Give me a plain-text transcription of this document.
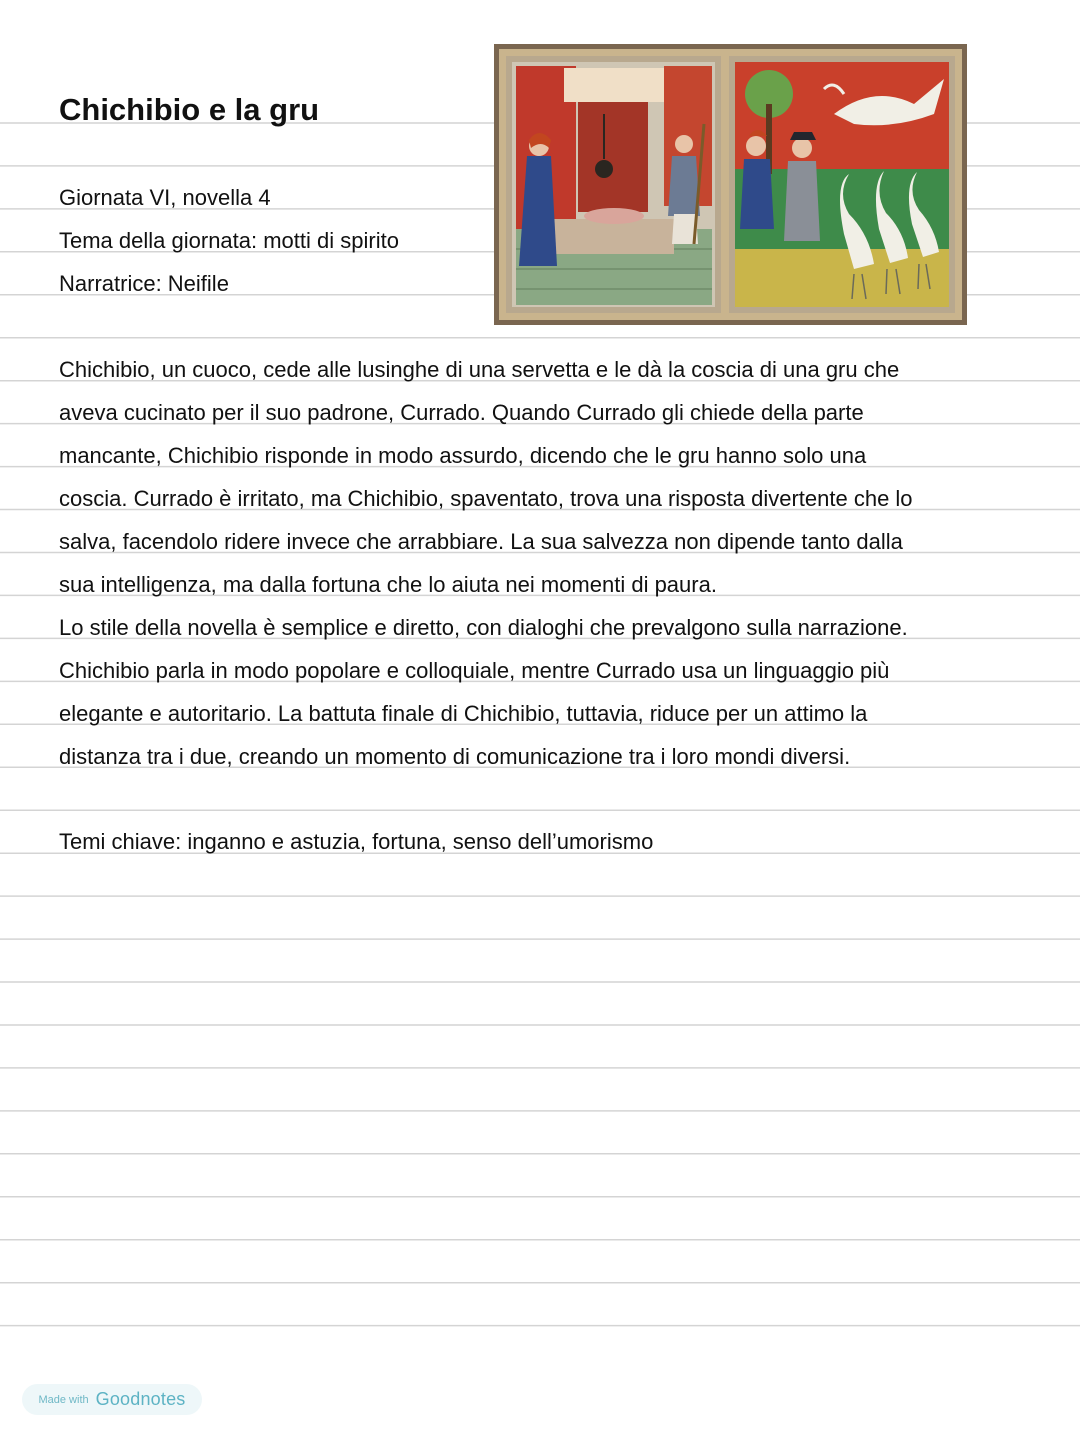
Chichibio e la gru

Giornata VI, novella 4

Tema della giornata: motti di spirito

Narratrice: Neifile

Chichibio, un cuoco, cede alle lusinghe di una servetta e le dà la coscia di una gru che

aveva cucinato per il suo padrone, Currado. Quando Currado gli chiede della parte

mancante, Chichibio risponde in modo assurdo, dicendo che le gru hanno solo una

coscia. Currado è irritato, ma Chichibio, spaventato, trova una risposta divertente che lo

salva, facendolo ridere invece che arrabbiare. La sua salvezza non dipende tanto dalla

sua intelligenza, ma dalla fortuna che lo aiuta nei momenti di paura.

Lo stile della novella è semplice e diretto, con dialoghi che prevalgono sulla narrazione.

Chichibio parla in modo popolare e colloquiale, mentre Currado usa un linguaggio più

elegante e autoritario. La battuta finale di Chichibio, tuttavia, riduce per un attimo la

distanza tra i due, creando un momento di comunicazione tra i loro mondi diversi.

Temi chiave: inganno e astuzia, fortuna, senso dell’umorismo

Made with Goodnotes
